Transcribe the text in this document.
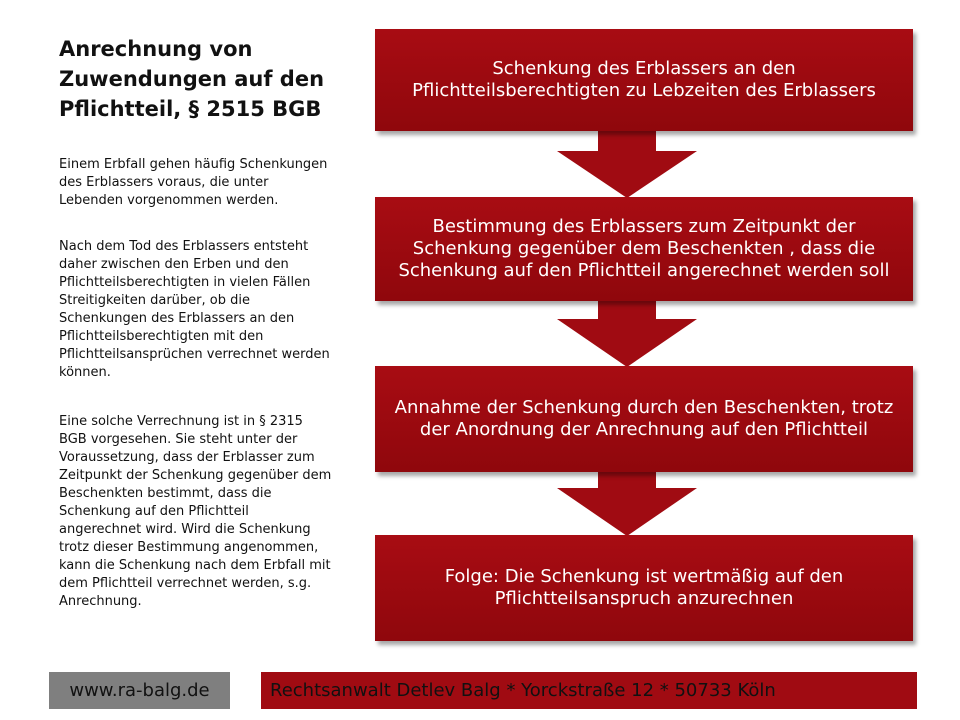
Anrechnung von
Zuwendungen auf den
Pflichtteil, § 2515 BGB
Einem Erbfall gehen häufig Schenkungen
des Erblassers voraus, die unter
Lebenden vorgenommen werden.
Nach dem Tod des Erblassers entsteht
daher zwischen den Erben und den
Pflichtteilsberechtigten in vielen Fällen
Streitigkeiten darüber, ob die
Schenkungen des Erblassers an den
Pflichtteilsberechtigten mit den
Pflichtteilsansprüchen verrechnet werden
können.
Eine solche Verrechnung ist in § 2315
BGB vorgesehen. Sie steht unter der
Voraussetzung, dass der Erblasser zum
Zeitpunkt der Schenkung gegenüber dem
Beschenkten bestimmt, dass die
Schenkung auf den Pflichtteil
angerechnet wird. Wird die Schenkung
trotz dieser Bestimmung angenommen,
kann die Schenkung nach dem Erbfall mit
dem Pflichtteil verrechnet werden, s.g.
Anrechnung.
Schenkung des Erblassers an den
Pflichtteilsberechtigten zu Lebzeiten des Erblassers
Bestimmung des Erblassers zum Zeitpunkt der
Schenkung gegenüber dem Beschenkten , dass die
Schenkung auf den Pflichtteil angerechnet werden soll
Annahme der Schenkung durch den Beschenkten, trotz
der Anordnung der Anrechnung auf den Pflichtteil
Folge: Die Schenkung ist wertmäßig auf den
Pflichtteilsanspruch anzurechnen
www.ra-balg.de	Rechtsanwalt Detlev Balg * Yorckstraße 12 * 50733 Köln
